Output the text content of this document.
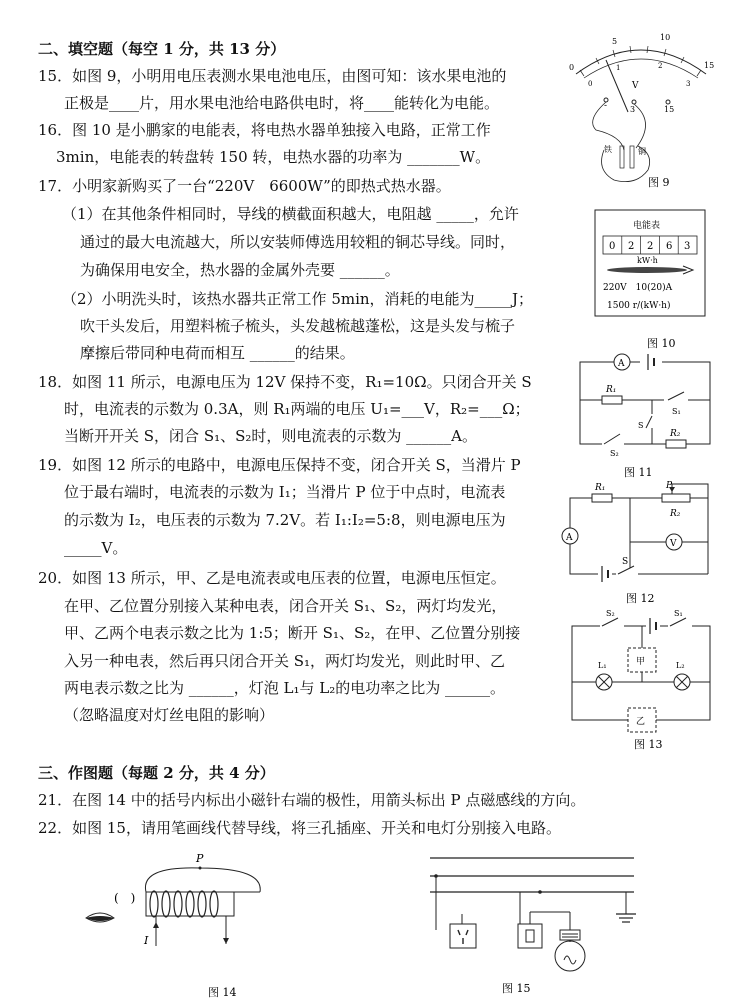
二、填空题（每空 1 分，共 13 分）
15．如图 9，小明用电压表测水果电池电压，由图可知：该水果电池的
正极是____片，用水果电池给电路供电时，将____能转化为电能。
16．图 10 是小鹏家的电能表，将电热水器单独接入电路，正常工作
3min，电能表的转盘转 150 转，电热水器的功率为 _______W。
17．小明家新购买了一台“220V　6600W”的即热式热水器。
（1）在其他条件相同时，导线的横截面积越大，电阻越 _____，允许
通过的最大电流越大，所以安装师傅选用较粗的铜芯导线。同时，
为确保用电安全，热水器的金属外壳要 ______。
（2）小明洗头时，该热水器共正常工作 5min，消耗的电能为_____J；
吹干头发后，用塑料梳子梳头，头发越梳越蓬松，这是头发与梳子
摩擦后带同种电荷而相互 ______的结果。
18．如图 11 所示，电源电压为 12V 保持不变，R₁=10Ω。只闭合开关 S
时，电流表的示数为 0.3A，则 R₁两端的电压 U₁=___V，R₂=___Ω；
当断开开关 S，闭合 S₁、S₂时，则电流表的示数为 ______A。
19．如图 12 所示的电路中，电源电压保持不变，闭合开关 S，当滑片 P
位于最右端时，电流表的示数为 I₁；当滑片 P 位于中点时，电流表
的示数为 I₂，电压表的示数为 7.2V。若 I₁:I₂=5:8，则电源电压为
_____V。
20．如图 13 所示，甲、乙是电流表或电压表的位置，电源电压恒定。
在甲、乙位置分别接入某种电表，闭合开关 S₁、S₂，两灯均发光，
甲、乙两个电表示数之比为 1:5；断开 S₁、S₂，在甲、乙位置分别接
入另一种电表，然后再只闭合开关 S₁，两灯均发光，则此时甲、乙
两电表示数之比为 ______，灯泡 L₁与 L₂的电功率之比为 ______。
（忽略温度对灯丝电阻的影响）
三、作图题（每题 2 分，共 4 分）
21．在图 14 中的括号内标出小磁针右端的极性，用箭头标出 P 点磁感线的方向。
22．如图 15，请用笔画线代替导线，将三孔插座、开关和电灯分别接入电路。
0
5	10
15
0
1	2
3
V
-	3	15
铁	铜
图 9
电能表
0 2 2 6 3
kW·h
220V　10(20)A
1500 r/(kW·h)
图 10
A
R₁
S₁
S
R₂
S₂
图 11
R₁
R₂
P
A
V
S
图 12
S₂	S₁
甲
L₁	L₂
乙
图 13
P
(　)
I
图 14	图 15
